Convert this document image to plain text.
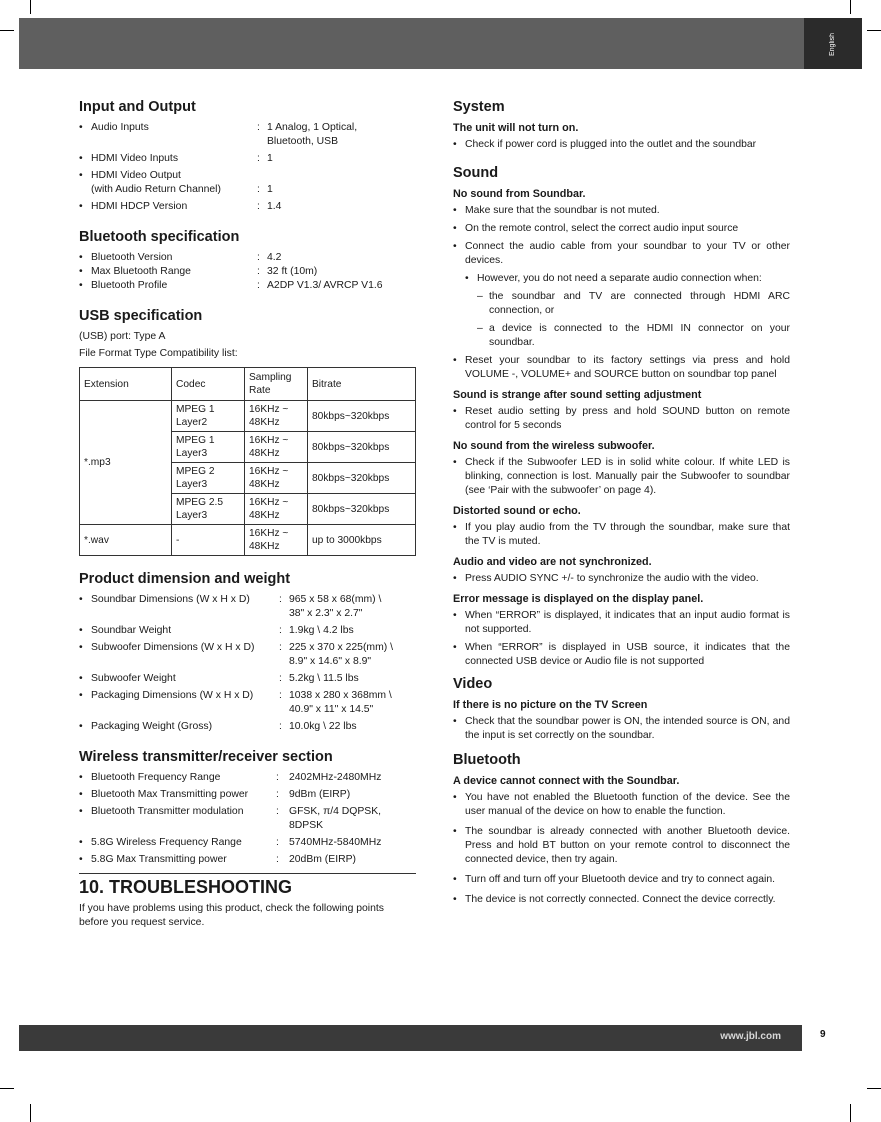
English
www.jbl.com	9
Input and Output
• Audio Inputs	: 1 Analog, 1 Optical,
Bluetooth, USB
• HDMI Video Inputs	: 1
• HDMI Video Output
(with Audio Return Channel)	: 1
• HDMI HDCP Version	: 1.4
Bluetooth specification
• Bluetooth Version	: 4.2
• Max Bluetooth Range	: 32 ft (10m)
• Bluetooth Profile	: A2DP V1.3/ AVRCP V1.6
USB specification
(USB) port: Type A
File Format Type Compatibility list:
Extension	Codec	Sampling Rate	Bitrate
*.mp3	MPEG 1 Layer2	16KHz ~ 48KHz	80kbps~320kbps
	MPEG 1 Layer3	16KHz ~ 48KHz	80kbps~320kbps
	MPEG 2 Layer3	16KHz ~ 48KHz	80kbps~320kbps
	MPEG 2.5 Layer3	16KHz ~ 48KHz	80kbps~320kbps
*.wav	-	16KHz ~ 48KHz	up to 3000kbps
Product dimension and weight
• Soundbar Dimensions (W x H x D)	: 965 x 58 x 68(mm) \
38" x 2.3" x 2.7"
• Soundbar Weight	: 1.9kg \ 4.2 lbs
• Subwoofer Dimensions (W x H x D)	: 225 x 370 x 225(mm) \
8.9" x 14.6" x 8.9"
• Subwoofer Weight	: 5.2kg \ 11.5 lbs
• Packaging Dimensions (W x H x D)	: 1038 x 280 x 368mm \
40.9" x 11" x 14.5"
• Packaging Weight (Gross)	: 10.0kg \ 22 lbs
Wireless transmitter/receiver section
• Bluetooth Frequency Range	: 2402MHz-2480MHz
• Bluetooth Max Transmitting power	: 9dBm (EIRP)
• Bluetooth Transmitter modulation	: GFSK, π/4 DQPSK,
8DPSK
• 5.8G Wireless Frequency Range	: 5740MHz-5840MHz
• 5.8G Max Transmitting power	: 20dBm (EIRP)
10. TROUBLESHOOTING
If you have problems using this product, check the following points before you request service.
System
The unit will not turn on.
• Check if power cord is plugged into the outlet and the soundbar
Sound
No sound from Soundbar.
• Make sure that the soundbar is not muted.
• On the remote control, select the correct audio input source
• Connect the audio cable from your soundbar to your TV or other devices.
• However, you do not need a separate audio connection when:
– the soundbar and TV are connected through HDMI ARC connection, or
– a device is connected to the HDMI IN connector on your soundbar.
• Reset your soundbar to its factory settings via press and hold VOLUME -, VOLUME+ and SOURCE button on soundbar top panel
Sound is strange after sound setting adjustment
• Reset audio setting by press and hold SOUND button on remote control for 5 seconds
No sound from the wireless subwoofer.
• Check if the Subwoofer LED is in solid white colour. If white LED is blinking, connection is lost. Manually pair the Subwoofer to soundbar (see ‘Pair with the subwoofer’ on page 4).
Distorted sound or echo.
• If you play audio from the TV through the soundbar, make sure that the TV is muted.
Audio and video are not synchronized.
• Press AUDIO SYNC +/- to synchronize the audio with the video.
Error message is displayed on the display panel.
• When “ERROR” is displayed, it indicates that an input audio format is not supported.
• When “ERROR” is displayed in USB source, it indicates that the connected USB device or Audio file is not supported
Video
If there is no picture on the TV Screen
• Check that the soundbar power is ON, the intended source is ON, and the input is set correctly on the soundbar.
Bluetooth
A device cannot connect with the Soundbar.
• You have not enabled the Bluetooth function of the device. See the user manual of the device on how to enable the function.
• The soundbar is already connected with another Bluetooth device. Press and hold BT button on your remote control to disconnect the connected device, then try again.
• Turn off and turn off your Bluetooth device and try to connect again.
• The device is not correctly connected. Connect the device correctly.
